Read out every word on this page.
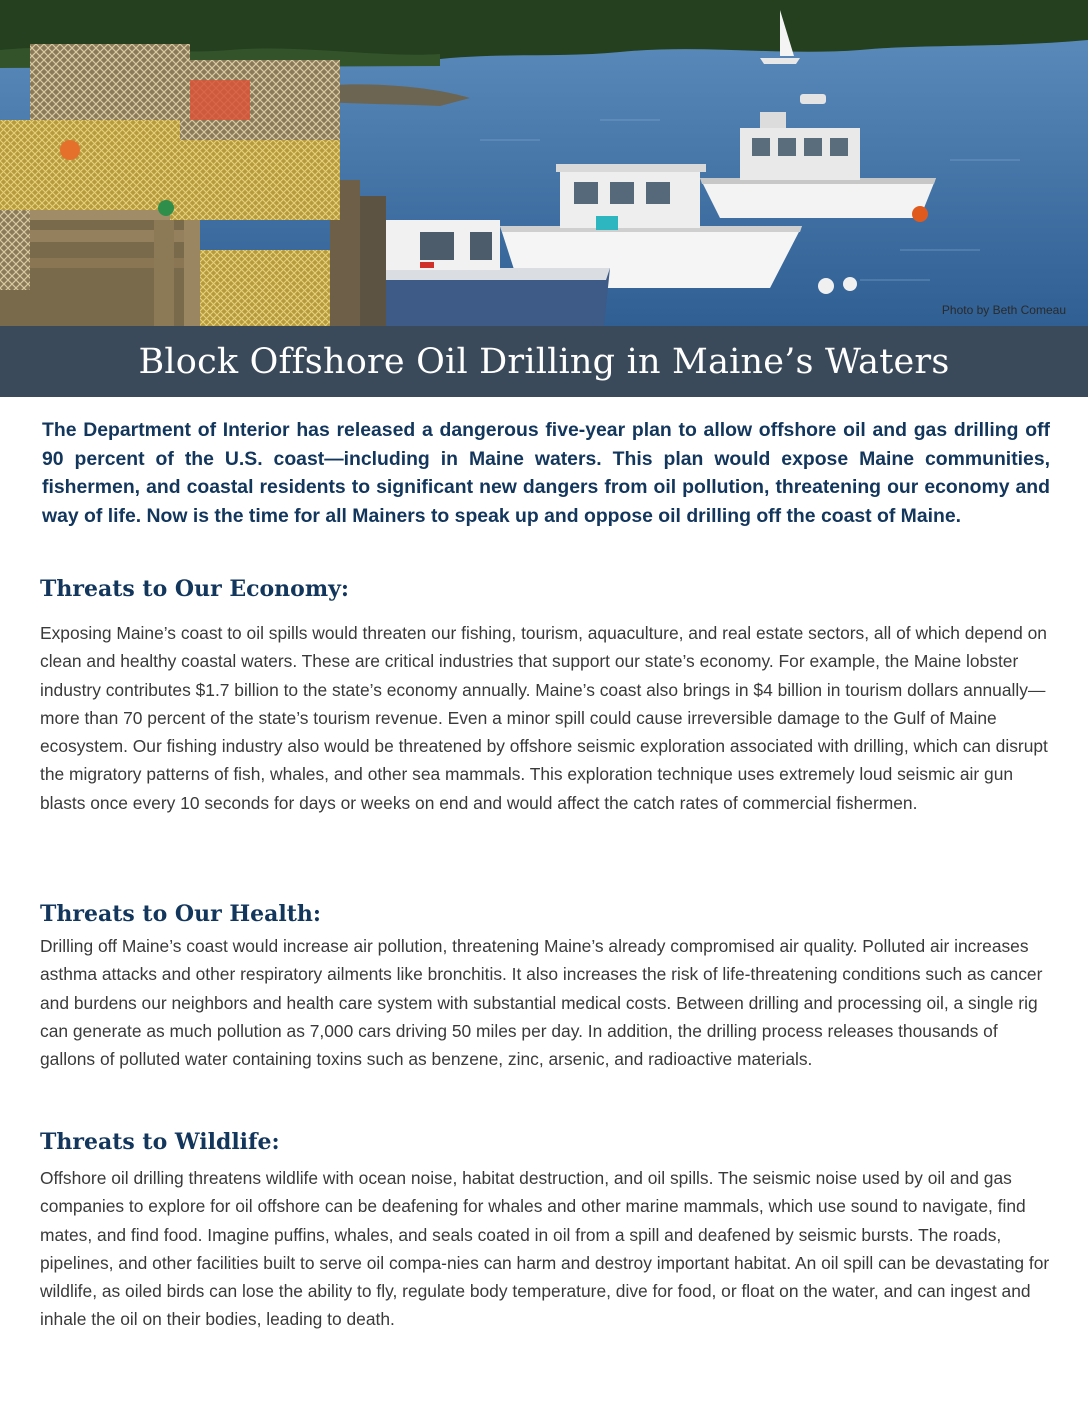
Photo by Beth Comeau
Block Offshore Oil Drilling in Maine’s Waters

The Department of Interior has released a dangerous five-year plan to allow offshore oil and gas drilling off 90 percent of the U.S. coast—including in Maine waters. This plan would expose Maine communities, fishermen, and coastal residents to significant new dangers from oil pollution, threatening our economy and way of life. Now is the time for all Mainers to speak up and oppose oil drilling off the coast of Maine.

Threats to Our Economy:

Exposing Maine’s coast to oil spills would threaten our fishing, tourism, aquaculture, and real estate sectors, all of which depend on clean and healthy coastal waters. These are critical industries that support our state’s economy. For example, the Maine lobster industry contributes $1.7 billion to the state’s economy annually. Maine’s coast also brings in $4 billion in tourism dollars annually—more than 70 percent of the state’s tourism revenue. Even a minor spill could cause irreversible damage to the Gulf of Maine ecosystem. Our fishing industry also would be threatened by offshore seismic exploration associated with drilling, which can disrupt the migratory patterns of fish, whales, and other sea mammals. This exploration technique uses extremely loud seismic air gun blasts once every 10 seconds for days or weeks on end and would affect the catch rates of commercial fishermen.

Threats to Our Health:

Drilling off Maine’s coast would increase air pollution, threatening Maine’s already compromised air quality. Polluted air increases asthma attacks and other respiratory ailments like bronchitis. It also increases the risk of life-threatening conditions such as cancer and burdens our neighbors and health care system with substantial medical costs. Between drilling and processing oil, a single rig can generate as much pollution as 7,000 cars driving 50 miles per day. In addition, the drilling process releases thousands of gallons of polluted water containing toxins such as benzene, zinc, arsenic, and radioactive materials.

Threats to Wildlife:

Offshore oil drilling threatens wildlife with ocean noise, habitat destruction, and oil spills. The seismic noise used by oil and gas companies to explore for oil offshore can be deafening for whales and other marine mammals, which use sound to navigate, find mates, and find food. Imagine puffins, whales, and seals coated in oil from a spill and deafened by seismic bursts. The roads, pipelines, and other facilities built to serve oil compa-nies can harm and destroy important habitat. An oil spill can be devastating for wildlife, as oiled birds can lose the ability to fly, regulate body temperature, dive for food, or float on the water, and can ingest and inhale the oil on their bodies, leading to death.
